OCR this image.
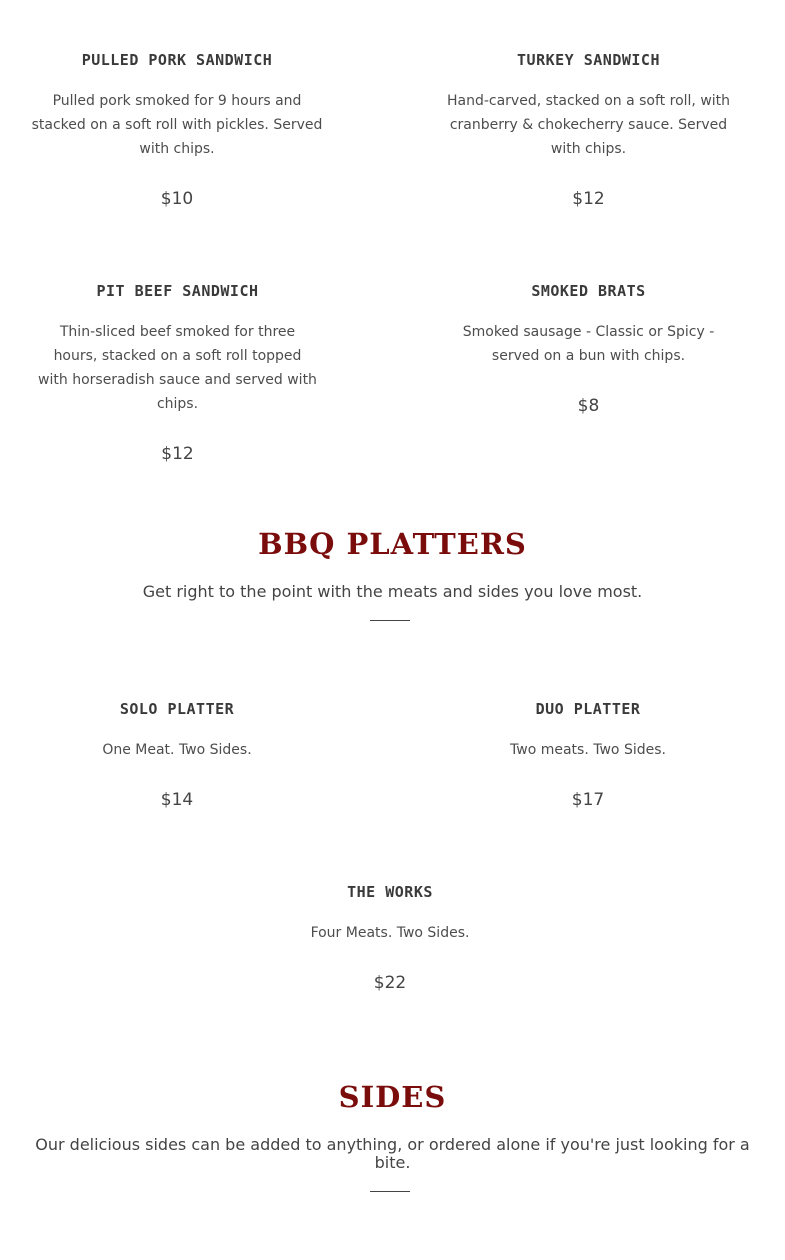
PULLED PORK SANDWICH

Pulled pork smoked for 9 hours and stacked on a soft roll with pickles. Served with chips.

$10
TURKEY SANDWICH

Hand-carved, stacked on a soft roll, with cranberry & chokecherry sauce. Served with chips.

$12
PIT BEEF SANDWICH

Thin-sliced beef smoked for three hours, stacked on a soft roll topped with horseradish sauce and served with chips.

$12
SMOKED BRATS

Smoked sausage - Classic or Spicy - served on a bun with chips.

$8
BBQ PLATTERS

Get right to the point with the meats and sides you love most.

SOLO PLATTER

One Meat. Two Sides.

$14
DUO PLATTER

Two meats. Two Sides.

$17
THE WORKS

Four Meats. Two Sides.

$22
SIDES

Our delicious sides can be added to anything, or ordered alone if you're just looking for a bite.
